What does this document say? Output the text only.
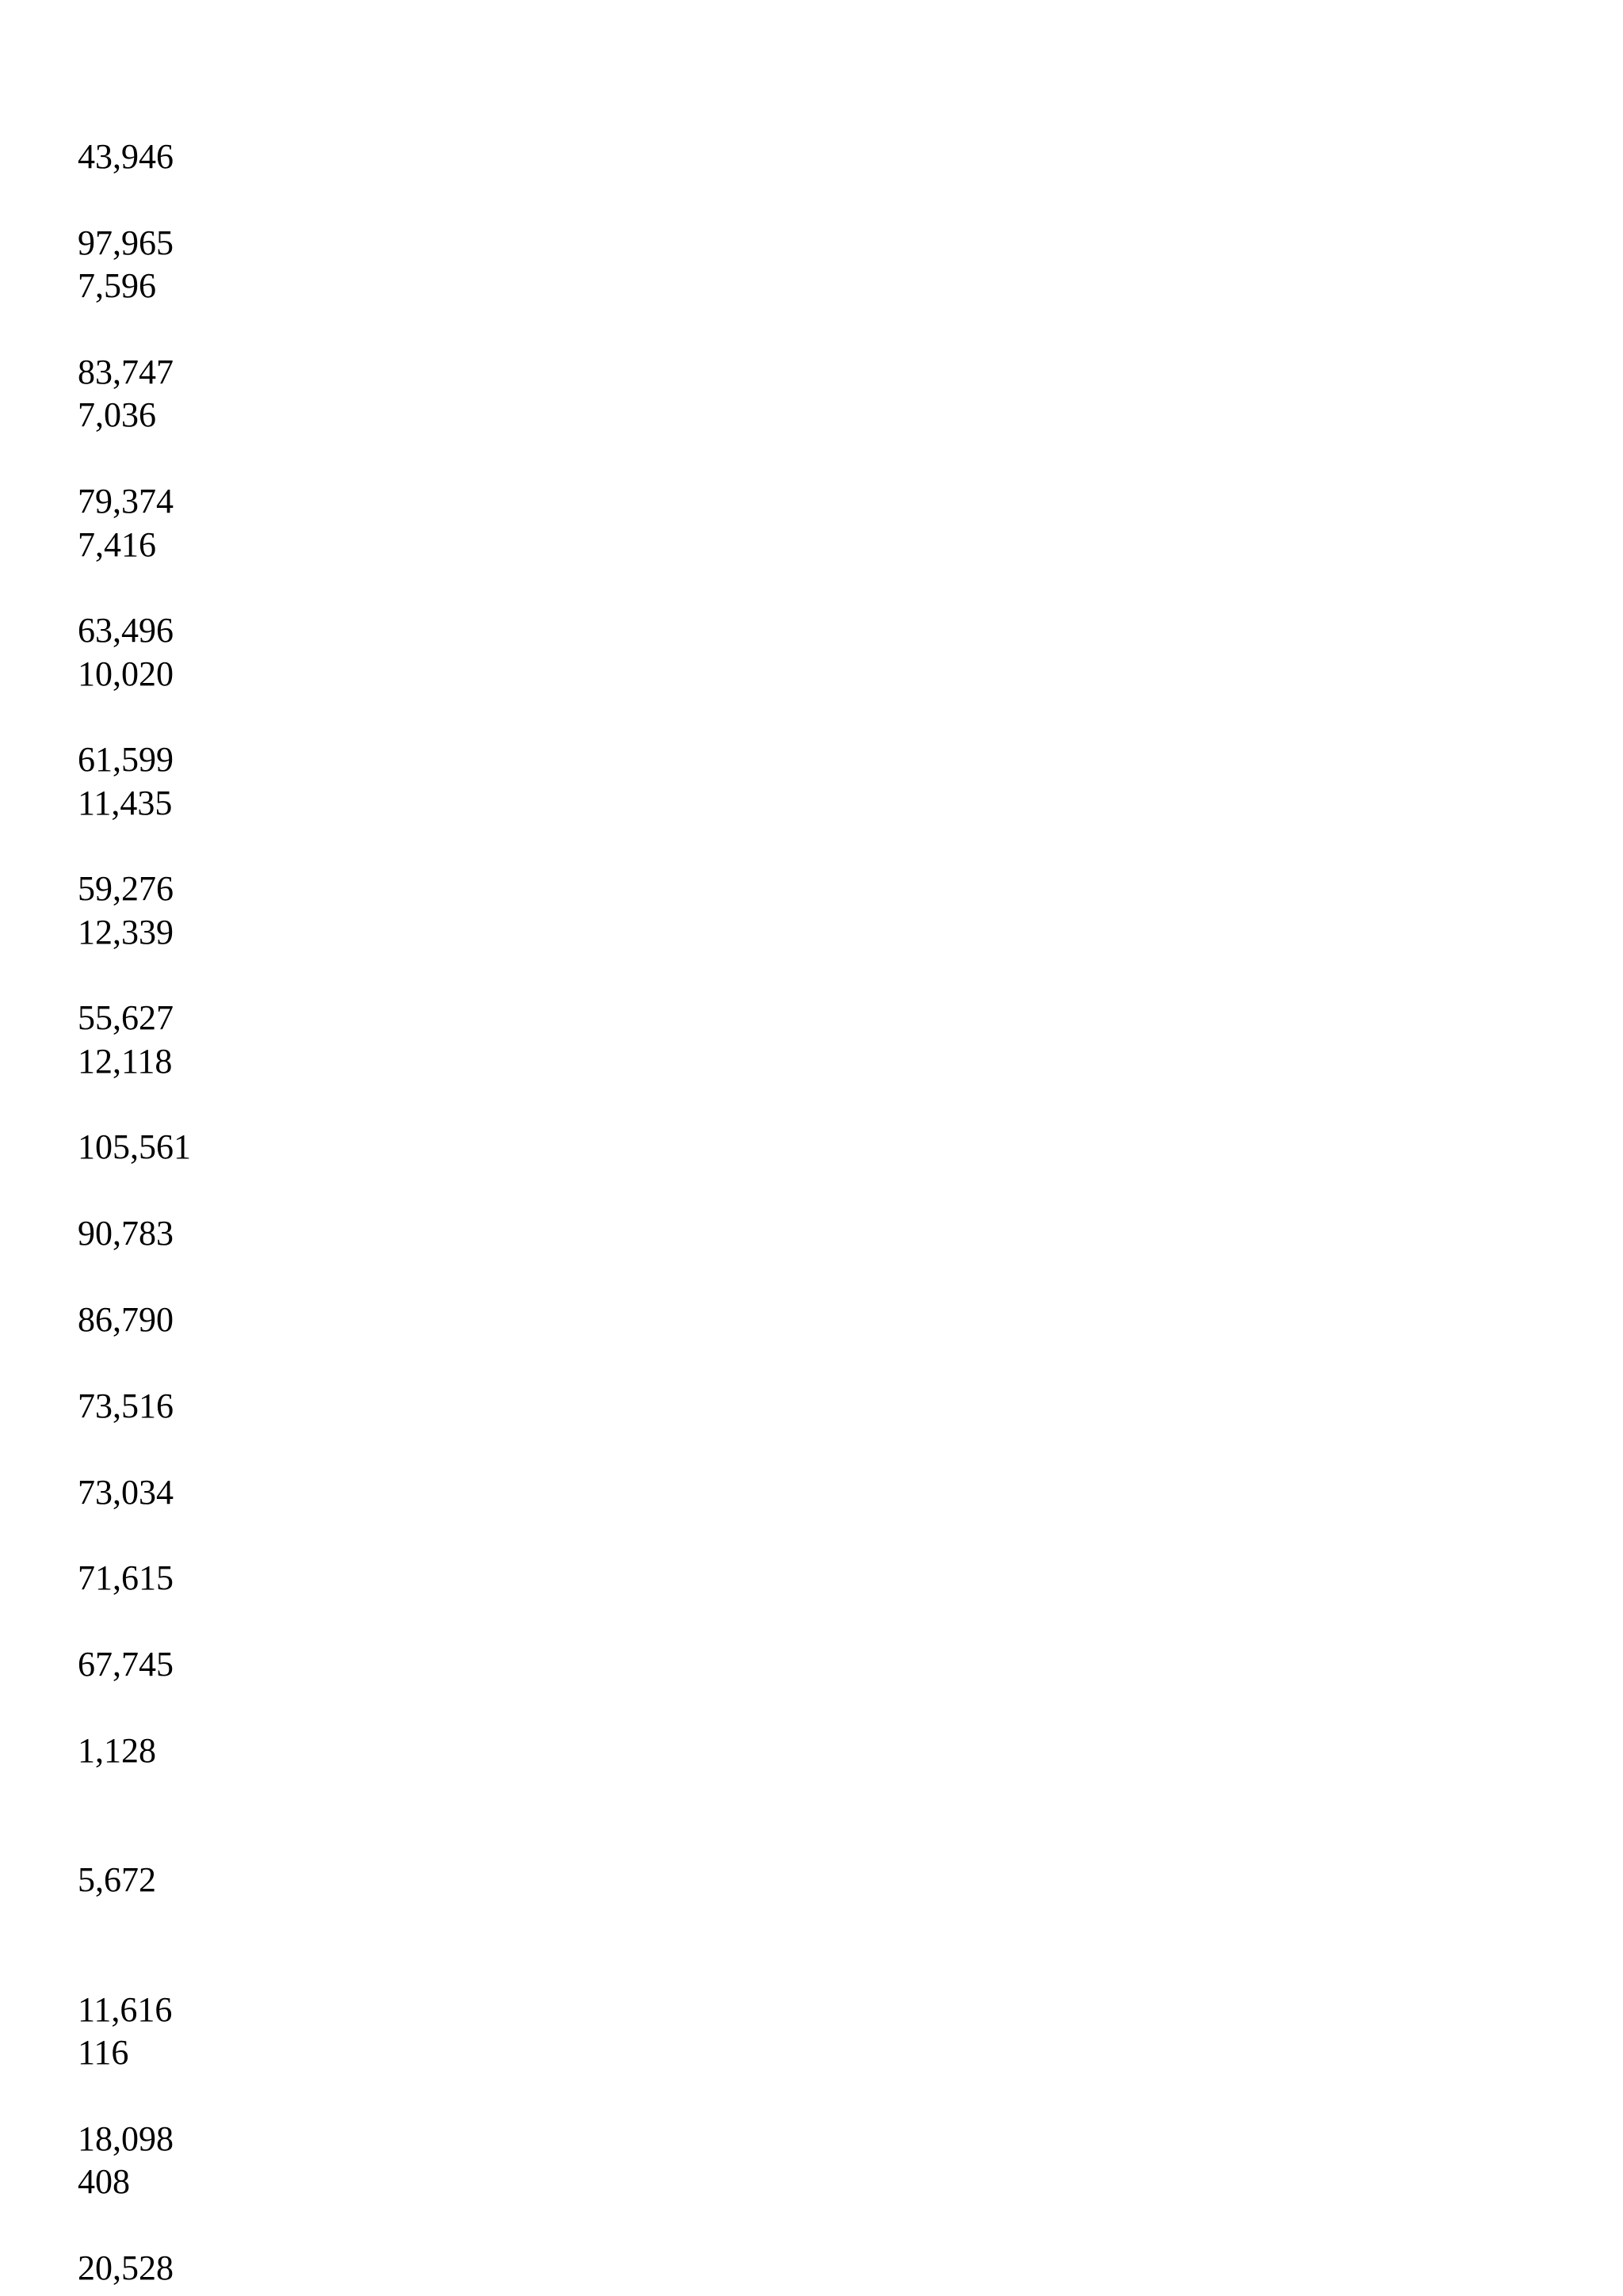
43,946
97,965
7,596
83,747
7,036
79,374
7,416
63,496
10,020
61,599
11,435
59,276
12,339
55,627
12,118
105,561
90,783
86,790
73,516
73,034
71,615
67,745
1,128
5,672
11,616
116
18,098
408
20,528
